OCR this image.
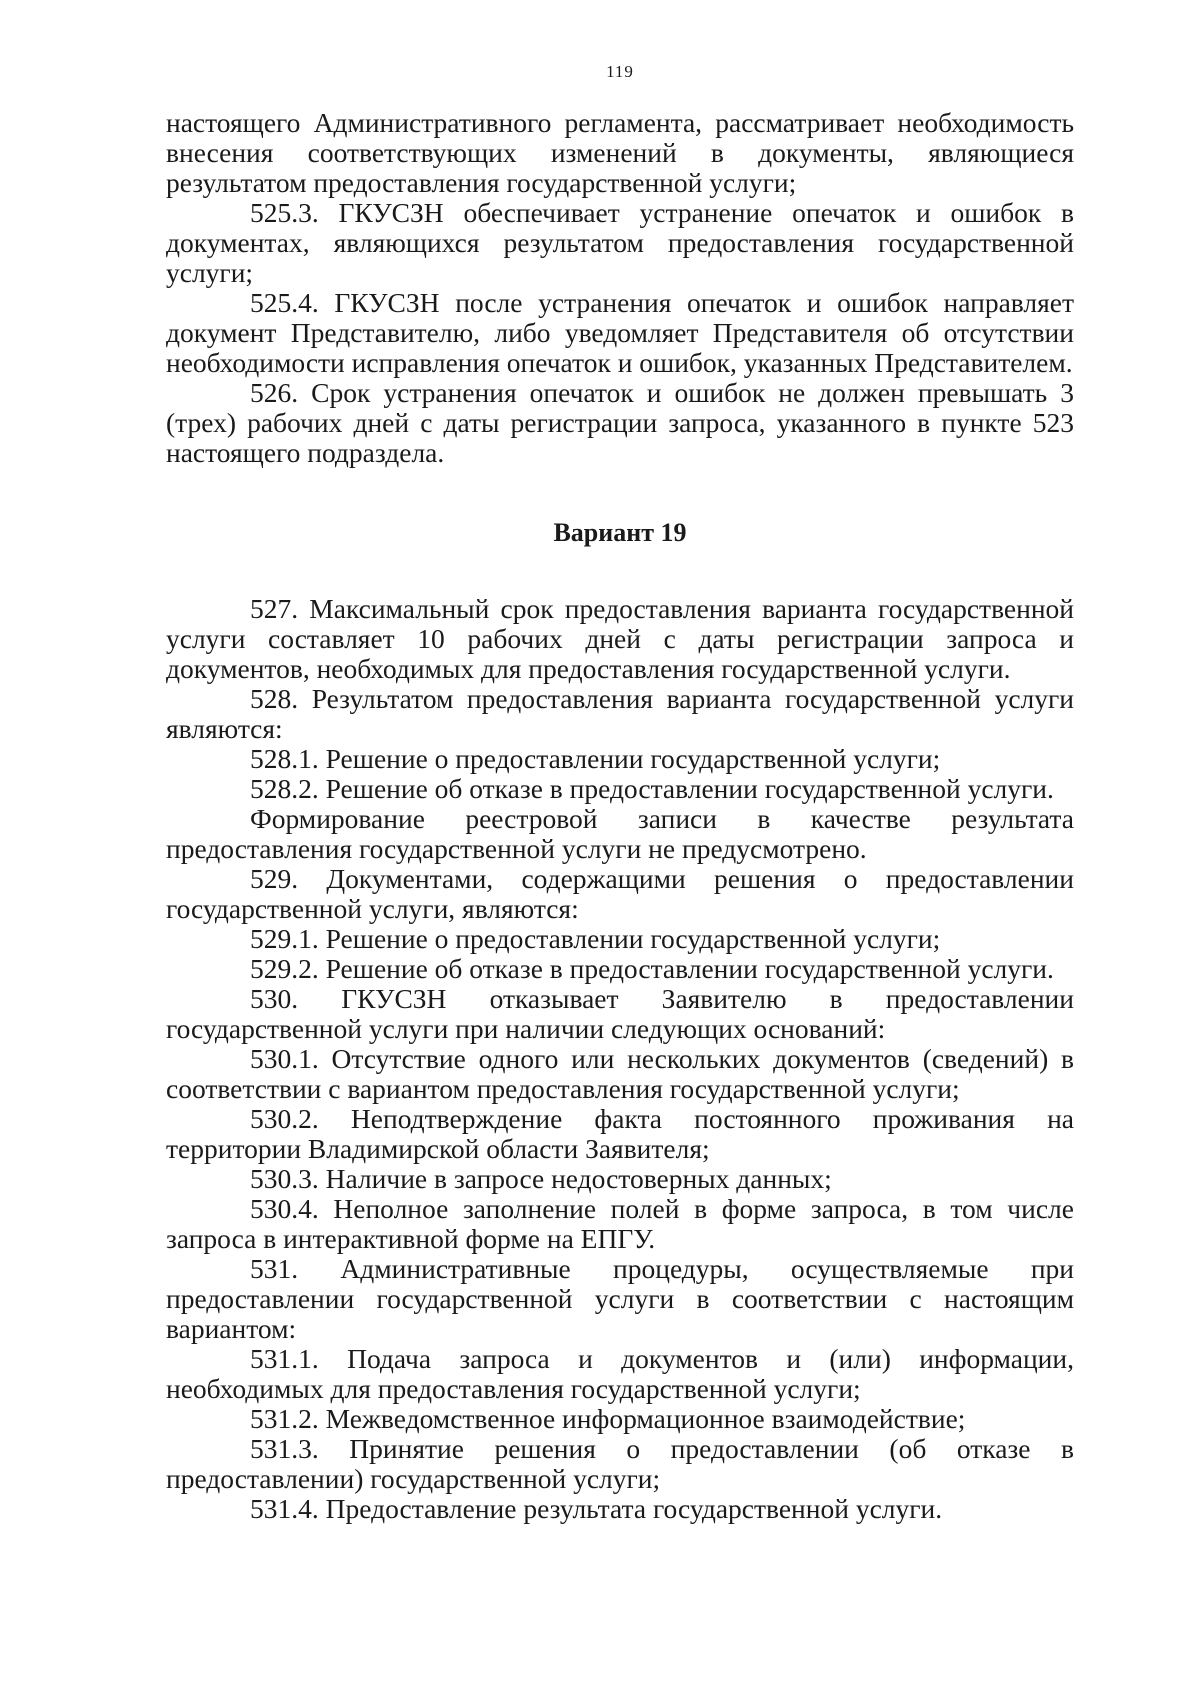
119

настоящего Административного регламента, рассматривает необходимость внесения соответствующих изменений в документы, являющиеся результатом предоставления государственной услуги;

525.3. ГКУСЗН обеспечивает устранение опечаток и ошибок в документах, являющихся результатом предоставления государственной услуги;

525.4. ГКУСЗН после устранения опечаток и ошибок направляет документ Представителю, либо уведомляет Представителя об отсутствии необходимости исправления опечаток и ошибок, указанных Представителем.

526. Срок устранения опечаток и ошибок не должен превышать 3 (трех) рабочих дней с даты регистрации запроса, указанного в пункте 523 настоящего подраздела.

Вариант 19

527. Максимальный срок предоставления варианта государственной услуги составляет 10 рабочих дней с даты регистрации запроса и документов, необходимых для предоставления государственной услуги.

528. Результатом предоставления варианта государственной услуги являются:

528.1. Решение о предоставлении государственной услуги;

528.2. Решение об отказе в предоставлении государственной услуги.

Формирование реестровой записи в качестве результата предоставления государственной услуги не предусмотрено.

529. Документами, содержащими решения о предоставлении государственной услуги, являются:

529.1. Решение о предоставлении государственной услуги;

529.2. Решение об отказе в предоставлении государственной услуги.

530. ГКУСЗН отказывает Заявителю в предоставлении государственной услуги при наличии следующих оснований:

530.1. Отсутствие одного или нескольких документов (сведений) в соответствии с вариантом предоставления государственной услуги;

530.2. Неподтверждение факта постоянного проживания на территории Владимирской области Заявителя;

530.3. Наличие в запросе недостоверных данных;

530.4. Неполное заполнение полей в форме запроса, в том числе запроса в интерактивной форме на ЕПГУ.

531. Административные процедуры, осуществляемые при предоставлении государственной услуги в соответствии с настоящим вариантом:

531.1. Подача запроса и документов и (или) информации, необходимых для предоставления государственной услуги;

531.2. Межведомственное информационное взаимодействие;

531.3. Принятие решения о предоставлении (об отказе в предоставлении) государственной услуги;

531.4. Предоставление результата государственной услуги.
